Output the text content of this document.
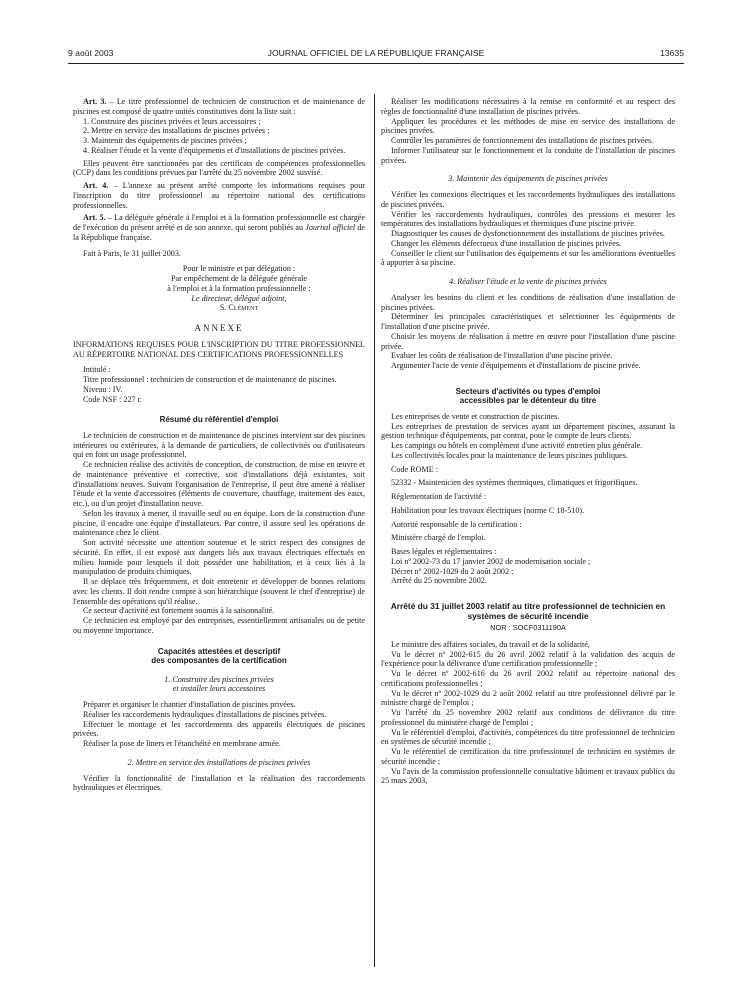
9 août 2003	JOURNAL OFFICIEL DE LA RÉPUBLIQUE FRANÇAISE	13635

Art. 3. – Le titre professionnel de technicien de construction et de maintenance de piscines est composé de quatre unités constitutives dont la liste suit :

1. Construire des piscines privées et leurs accessoires ;

2. Mettre en service des installations de piscines privées ;

3. Maintenir des équipements de piscines privées ;

4. Réaliser l'étude et la vente d'équipements et d'installations de piscines privées.

Elles peuvent être sanctionnées par des certificats de compétences professionnelles (CCP) dans les conditions prévues par l'arrêté du 25 novembre 2002 susvisé.

Art. 4. – L'annexe au présent arrêté comporte les informations requises pour l'inscription du titre professionnel au répertoire national des certifications professionnelles.

Art. 5. – La déléguée générale à l'emploi et à la formation professionnelle est chargée de l'exécution du présent arrêté et de son annexe, qui seront publiés au Journal officiel de la République française.

Fait à Paris, le 31 juillet 2003.

Pour le ministre et par délégation :

Par empêchement de la déléguée générale

à l'emploi et à la formation professionnelle :

Le directeur, délégué adjoint,

S. Clément

ANNEXE

INFORMATIONS REQUISES POUR L'INSCRIPTION DU TITRE PROFESSIONNEL AU RÉPERTOIRE NATIONAL DES CERTIFICATIONS PROFESSIONNELLES

Intitulé :

Titre professionnel : technicien de construction et de maintenance de piscines.

Niveau : IV.

Code NSF : 227 r.

Résumé du référentiel d'emploi

Le technicien de construction et de maintenance de piscines intervient sur des piscines intérieures ou extérieures, à la demande de particuliers, de collectivités ou d'utilisateurs qui en font un usage professionnel.

Ce technicien réalise des activités de conception, de construction, de mise en œuvre et de maintenance préventive et corrective, soit d'installations déjà existantes, soit d'installations neuves. Suivant l'organisation de l'entreprise, il peut être amené à réaliser l'étude et la vente d'accessoires (éléments de couverture, chauffage, traitement des eaux, etc.), ou d'un projet d'installation neuve.

Selon les travaux à mener, il travaille seul ou en équipe. Lors de la construction d'une piscine, il encadre une équipe d'installateurs. Par contre, il assure seul les opérations de maintenance chez le client.

Son activité nécessite une attention soutenue et le strict respect des consignes de sécurité. En effet, il est exposé aux dangers liés aux travaux électriques effectués en milieu humide pour lesquels il doit posséder une habilitation, et à ceux liés à la manipulation de produits chimiques.

Il se déplace très fréquemment, et doit entretenir et développer de bonnes relations avec les clients. Il doit rendre compte à son hiérarchique (souvent le chef d'entreprise) de l'ensemble des opérations qu'il réalise.

Ce secteur d'activité est fortement soumis à la saisonnalité.

Ce technicien est employé par des entreprises, essentiellement artisanales ou de petite ou moyenne importance.

Capacités attestées et descriptif

des composantes de la certification

1. Construire des piscines privées

et installer leurs accessoires

Préparer et organiser le chantier d'installation de piscines privées.

Réaliser les raccordements hydrauliques d'installations de piscines privées.

Effectuer le montage et les raccordements des appareils électriques de piscines privées.

Réaliser la pose de liners et l'étanchéité en membrane armée.

2. Mettre en service des installations de piscines privées

Vérifier la fonctionnalité de l'installation et la réalisation des raccordements hydrauliques et électriques.

Réaliser les modifications nécessaires à la remise en conformité et au respect des règles de fonctionnalité d'une installation de piscines privées.

Appliquer les procédures et les méthodes de mise en service des installations de piscines privées.

Contrôler les paramètres de fonctionnement des installations de piscines privées.

Informer l'utilisateur sur le fonctionnement et la conduite de l'installation de piscines privées.

3. Maintenir des équipements de piscines privées

Vérifier les connexions électriques et les raccordements hydrauliques des installations de piscines privées.

Vérifier les raccordements hydrauliques, contrôles des pressions et mesurer les températures des installations hydrauliques et thermiques d'une piscine privée.

Diagnostiquer les causes de dysfonctionnement des installations de piscines privées.

Changer les éléments défectueux d'une installation de piscines privées.

Conseiller le client sur l'utilisation des équipements et sur les améliorations éventuelles à apporter à sa piscine.

4. Réaliser l'étude et la vente de piscines privées

Analyser les besoins du client et les conditions de réalisation d'une installation de piscines privées.

Déterminer les principales caractéristiques et sélectionner les équipements de l'installation d'une piscine privée.

Choisir les moyens de réalisation à mettre en œuvre pour l'installation d'une piscine privée.

Evaluer les coûts de réalisation de l'installation d'une piscine privée.

Argumenter l'acte de vente d'équipements et d'installations de piscine privée.

Secteurs d'activités ou types d'emploi

accessibles par le détenteur du titre

Les entreprises de vente et construction de piscines.

Les entreprises de prestation de services ayant un département piscines, assurant la gestion technique d'équipements, par contrat, pour le compte de leurs clients.

Les campings ou hôtels en complément d'une activité entretien plus générale.

Les collectivités locales pour la maintenance de leurs piscines publiques.

Code ROME :

52332 - Maintenicien des systèmes thermiques, climatiques et frigorifiques.

Réglementation de l'activité :

Habilitation pour les travaux électriques (norme C 18-510).

Autorité responsable de la certification :

Ministère chargé de l'emploi.

Bases légales et réglementaires :

Loi nº 2002-73 du 17 janvier 2002 de modernisation sociale ;

Décret nº 2002-1029 du 2 août 2002 ;

Arrêté du 25 novembre 2002.

Arrêté du 31 juillet 2003 relatif au titre professionnel de technicien en systèmes de sécurité incendie

NOR : SOCF0311190A

Le ministre des affaires sociales, du travail et de la solidarité,

Vu le décret nº 2002-615 du 26 avril 2002 relatif à la validation des acquis de l'expérience pour la délivrance d'une certification professionnelle ;

Vu le décret nº 2002-616 du 26 avril 2002 relatif au répertoire national des certifications professionnelles ;

Vu le décret nº 2002-1029 du 2 août 2002 relatif au titre professionnel délivré par le ministre chargé de l'emploi ;

Vu l'arrêté du 25 novembre 2002 relatif aux conditions de délivrance du titre professionnel du ministère chargé de l'emploi ;

Vu le référentiel d'emploi, d'activités, compétences du titre professionnel de technicien en systèmes de sécurité incendie ;

Vu le référentiel de certification du titre professionnel de technicien en systèmes de sécurité incendie ;

Vu l'avis de la commission professionnelle consultative bâtiment et travaux publics du 25 mars 2003,
